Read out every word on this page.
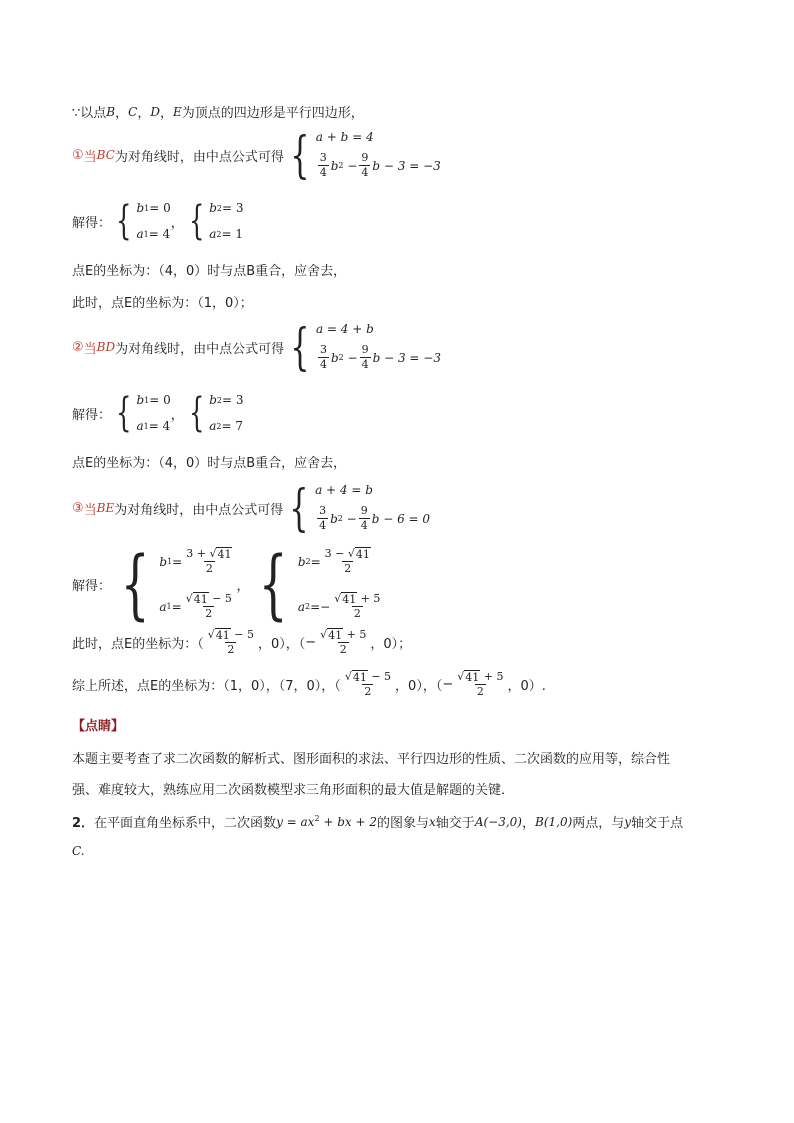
∵以点 B ， C ， D ， E 为顶点的四边形是平行四边形，
① 当 BC 为对角线时，由中点公式可得 { a + b = 4
$\frac{3}{4}$ b $2 - \frac{9}{4}$ b − 3 = −3
解得： { b 1 = 0
a 1 = 4
， { b 2 = 3
a 2 = 1
点E的坐标为：（4，0）时与点B重合，应舍去，
此时，点E的坐标为：（1，0）；
② 当 BD 为对角线时，由中点公式可得 { a = 4 + b
$\frac{3}{4}$ b $2 - \frac{9}{4}$ b − 3 = −3
解得： { b 1 = 0
a 1 = 4
， { b 2 = 3
a 2 = 7
点E的坐标为：（4，0）时与点B重合，应舍去，
③ 当 BE 为对角线时，由中点公式可得 { a + 4 = b
$\frac{3}{4}$ b $2 - \frac{9}{4}$ b − 6 = 0
解得： { b $1 = \frac{3 + √ 41}{2}$
a $1 = \frac{√ 41 - 5}{2}$
， { b $2 = \frac{3 - √ 41}{2}$
a 2 = − $\frac{√ 41 + 5}{2}$
此时，点E的坐标为：（ $\frac{√ 41 - 5}{2}$ ，0），（ − $\frac{√ 41 + 5}{2}$ ，0）；
综上所述，点E的坐标为：（1，0），（7，0），（ $\frac{√ 41 - 5}{2}$ ，0），（ − $\frac{√ 41 + 5}{2}$ ，0）.
【点睛】
本题主要考查了求二次函数的解析式、图形面积的求法、平行四边形的性质、二次函数的应用等，综合性
强、难度较大，熟练应用二次函数模型求三角形面积的最大值是解题的关键．
2． 在平面直角坐标系中，二次函数 $y = ax^2$ + bx + 2 的图象与 x 轴交于 A(−3,0) ， B(1,0) 两点，与 y 轴交于点
C.
